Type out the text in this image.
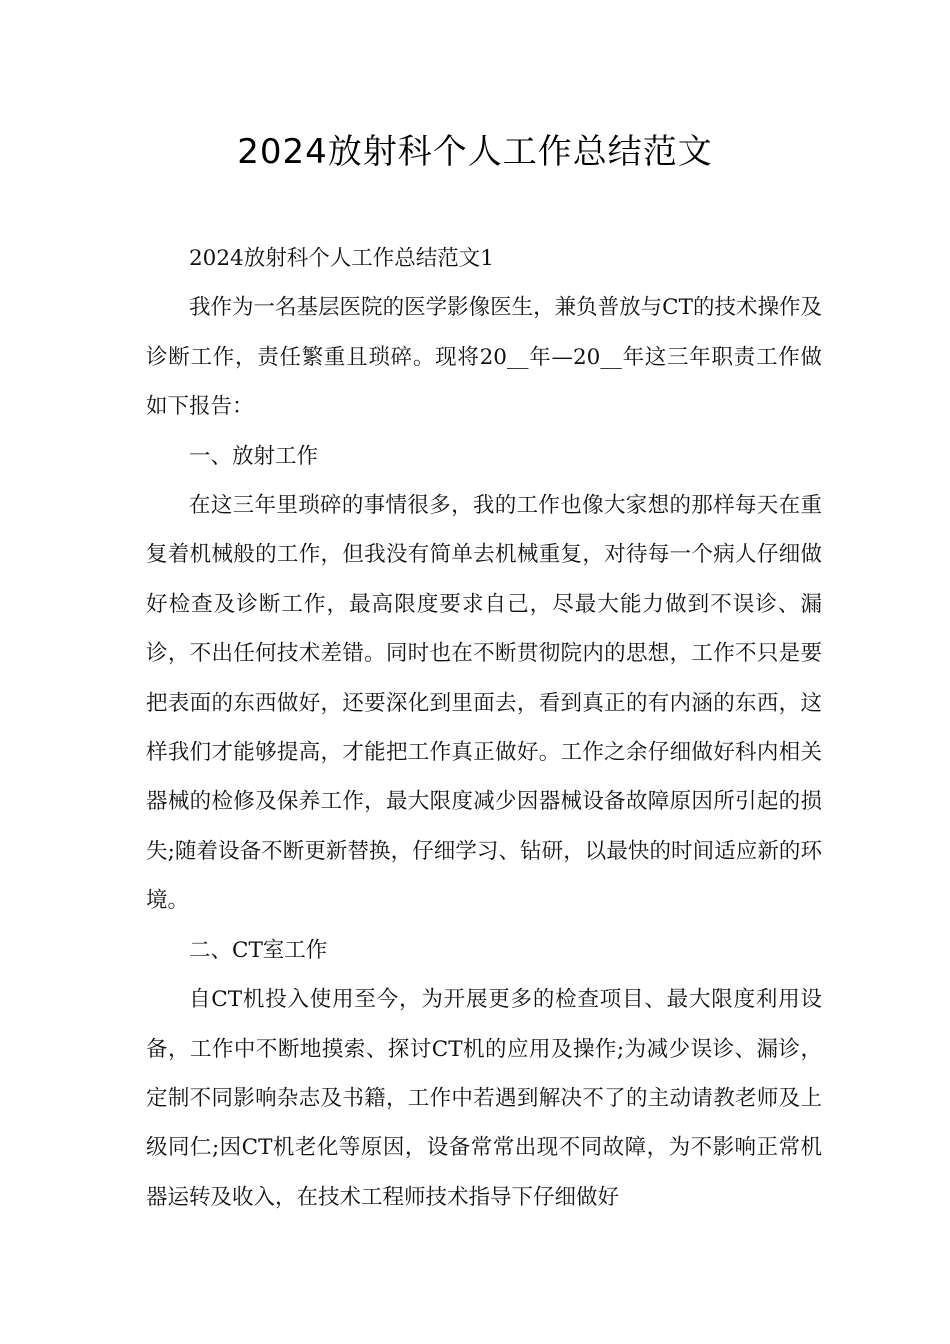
2024放射科个人工作总结范文

2024放射科个人工作总结范文1

我作为一名基层医院的医学影像医生，兼负普放与CT的技术操作及诊断工作，责任繁重且琐碎。现将20__年—20__年这三年职责工作做如下报告：

一、放射工作

在这三年里琐碎的事情很多，我的工作也像大家想的那样每天在重复着机械般的工作，但我没有简单去机械重复，对待每一个病人仔细做好检查及诊断工作，最高限度要求自己，尽最大能力做到不误诊、漏诊，不出任何技术差错。同时也在不断贯彻院内的思想，工作不只是要把表面的东西做好，还要深化到里面去，看到真正的有内涵的东西，这样我们才能够提高，才能把工作真正做好。工作之余仔细做好科内相关器械的检修及保养工作，最大限度减少因器械设备故障原因所引起的损失;随着设备不断更新替换，仔细学习、钻研，以最快的时间适应新的环境。

二、CT室工作

自CT机投入使用至今，为开展更多的检查项目、最大限度利用设备，工作中不断地摸索、探讨CT机的应用及操作;为减少误诊、漏诊，定制不同影响杂志及书籍，工作中若遇到解决不了的主动请教老师及上级同仁;因CT机老化等原因，设备常常出现不同故障，为不影响正常机器运转及收入，在技术工程师技术指导下仔细做好
